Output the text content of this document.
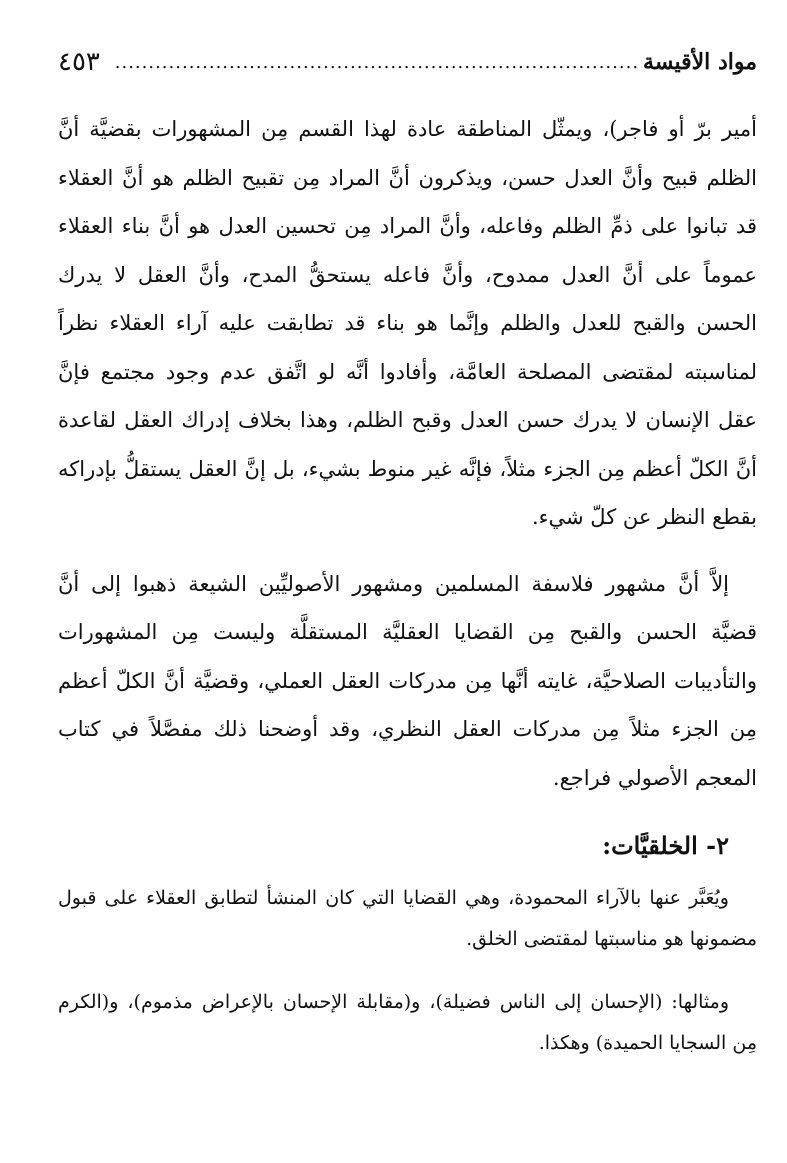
مواد الأقيسة
..............................................................................
٤٥٣

أمير برّ أو فاجر)، ويمثّل المناطقة عادة لهذا القسم مِن المشهورات بقضيَّة أنَّ الظلم قبيح وأنَّ العدل حسن، ويذكرون أنَّ المراد مِن تقبيح الظلم هو أنَّ العقلاء قد تبانوا على ذمِّ الظلم وفاعله، وأنَّ المراد مِن تحسين العدل هو أنَّ بناء العقلاء عموماً على أنَّ العدل ممدوح، وأنَّ فاعله يستحقُّ المدح، وأنَّ العقل لا يدرك الحسن والقبح للعدل والظلم وإنَّما هو بناء قد تطابقت عليه آراء العقلاء نظراً لمناسبته لمقتضى المصلحة العامَّة، وأفادوا أنَّه لو اتَّفق عدم وجود مجتمع فإنَّ عقل الإنسان لا يدرك حسن العدل وقبح الظلم، وهذا بخلاف إدراك العقل لقاعدة أنَّ الكلّ أعظم مِن الجزء مثلاً، فإنَّه غير منوط بشيء، بل إنَّ العقل يستقلُّ بإدراكه بقطع النظر عن كلّ شيء.

إلاَّ أنَّ مشهور فلاسفة المسلمين ومشهور الأصوليِّين الشيعة ذهبوا إلى أنَّ قضيَّة الحسن والقبح مِن القضايا العقليَّة المستقلَّة وليست مِن المشهورات والتأديبات الصلاحيَّة، غايته أنَّها مِن مدركات العقل العملي، وقضيَّة أنَّ الكلّ أعظم مِن الجزء مثلاً مِن مدركات العقل النظري، وقد أوضحنا ذلك مفصَّلاً في كتاب المعجم الأصولي فراجع.

٢- الخلقيَّات:

ويُعَبَّر عنها بالآراء المحمودة، وهي القضايا التي كان المنشأ لتطابق العقلاء على قبول مضمونها هو مناسبتها لمقتضى الخلق.

ومثالها: (الإحسان إلى الناس فضيلة)، و(مقابلة الإحسان بالإعراض مذموم)، و(الكرم مِن السجايا الحميدة) وهكذا.
